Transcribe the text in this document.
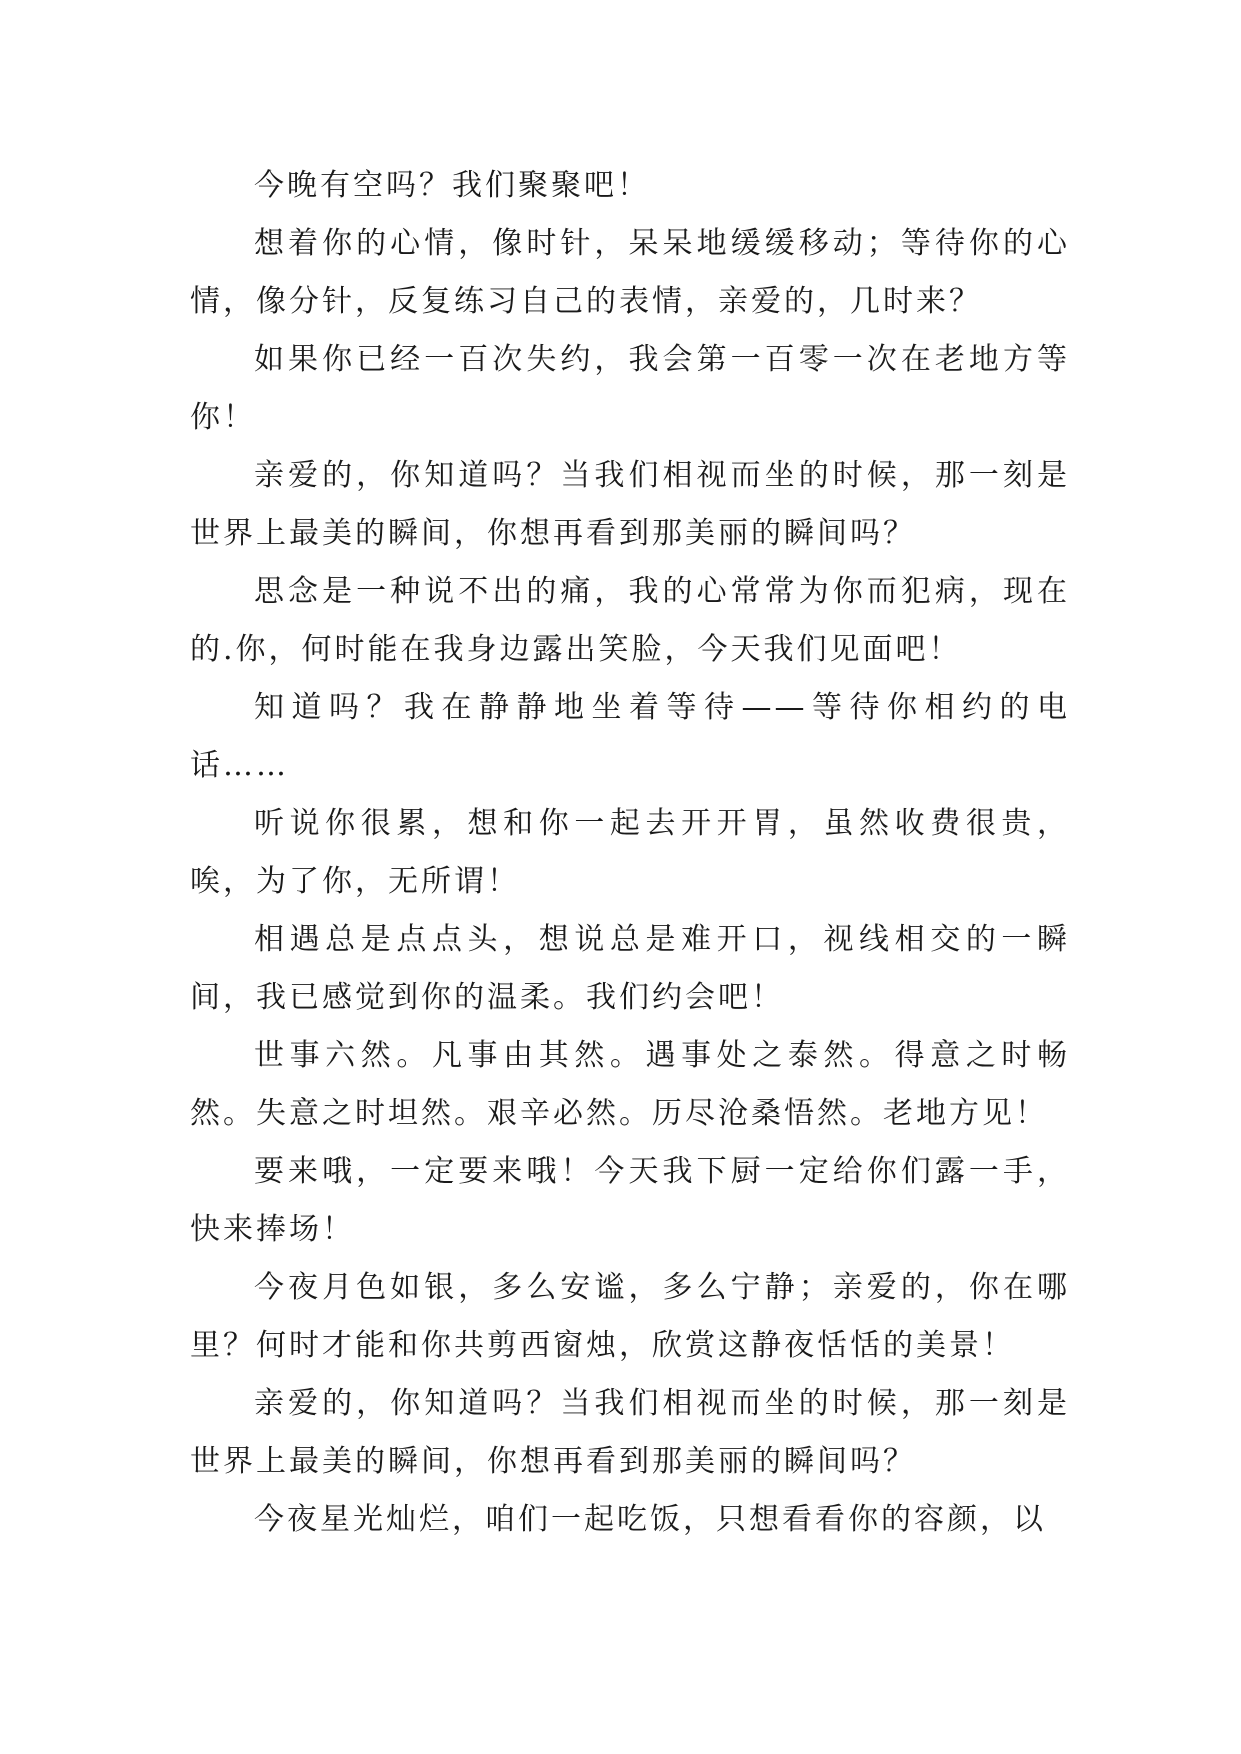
今晚有空吗？我们聚聚吧！

想着你的心情，像时针，呆呆地缓缓移动；等待你的心情，像分针，反复练习自己的表情，亲爱的，几时来？

如果你已经一百次失约，我会第一百零一次在老地方等你！

亲爱的，你知道吗？当我们相视而坐的时候，那一刻是世界上最美的瞬间，你想再看到那美丽的瞬间吗？

思念是一种说不出的痛，我的心常常为你而犯病，现在的.你，何时能在我身边露出笑脸，今天我们见面吧！

知道吗？我在静静地坐着等待——等待你相约的电话……

听说你很累，想和你一起去开开胃，虽然收费很贵，唉，为了你，无所谓！

相遇总是点点头，想说总是难开口，视线相交的一瞬间，我已感觉到你的温柔。我们约会吧！

世事六然。凡事由其然。遇事处之泰然。得意之时畅然。失意之时坦然。艰辛必然。历尽沧桑悟然。老地方见！

要来哦，一定要来哦！今天我下厨一定给你们露一手，快来捧场！

今夜月色如银，多么安谧，多么宁静；亲爱的，你在哪里？何时才能和你共剪西窗烛，欣赏这静夜恬恬的美景！

亲爱的，你知道吗？当我们相视而坐的时候，那一刻是世界上最美的瞬间，你想再看到那美丽的瞬间吗？

今夜星光灿烂，咱们一起吃饭，只想看看你的容颜，以
